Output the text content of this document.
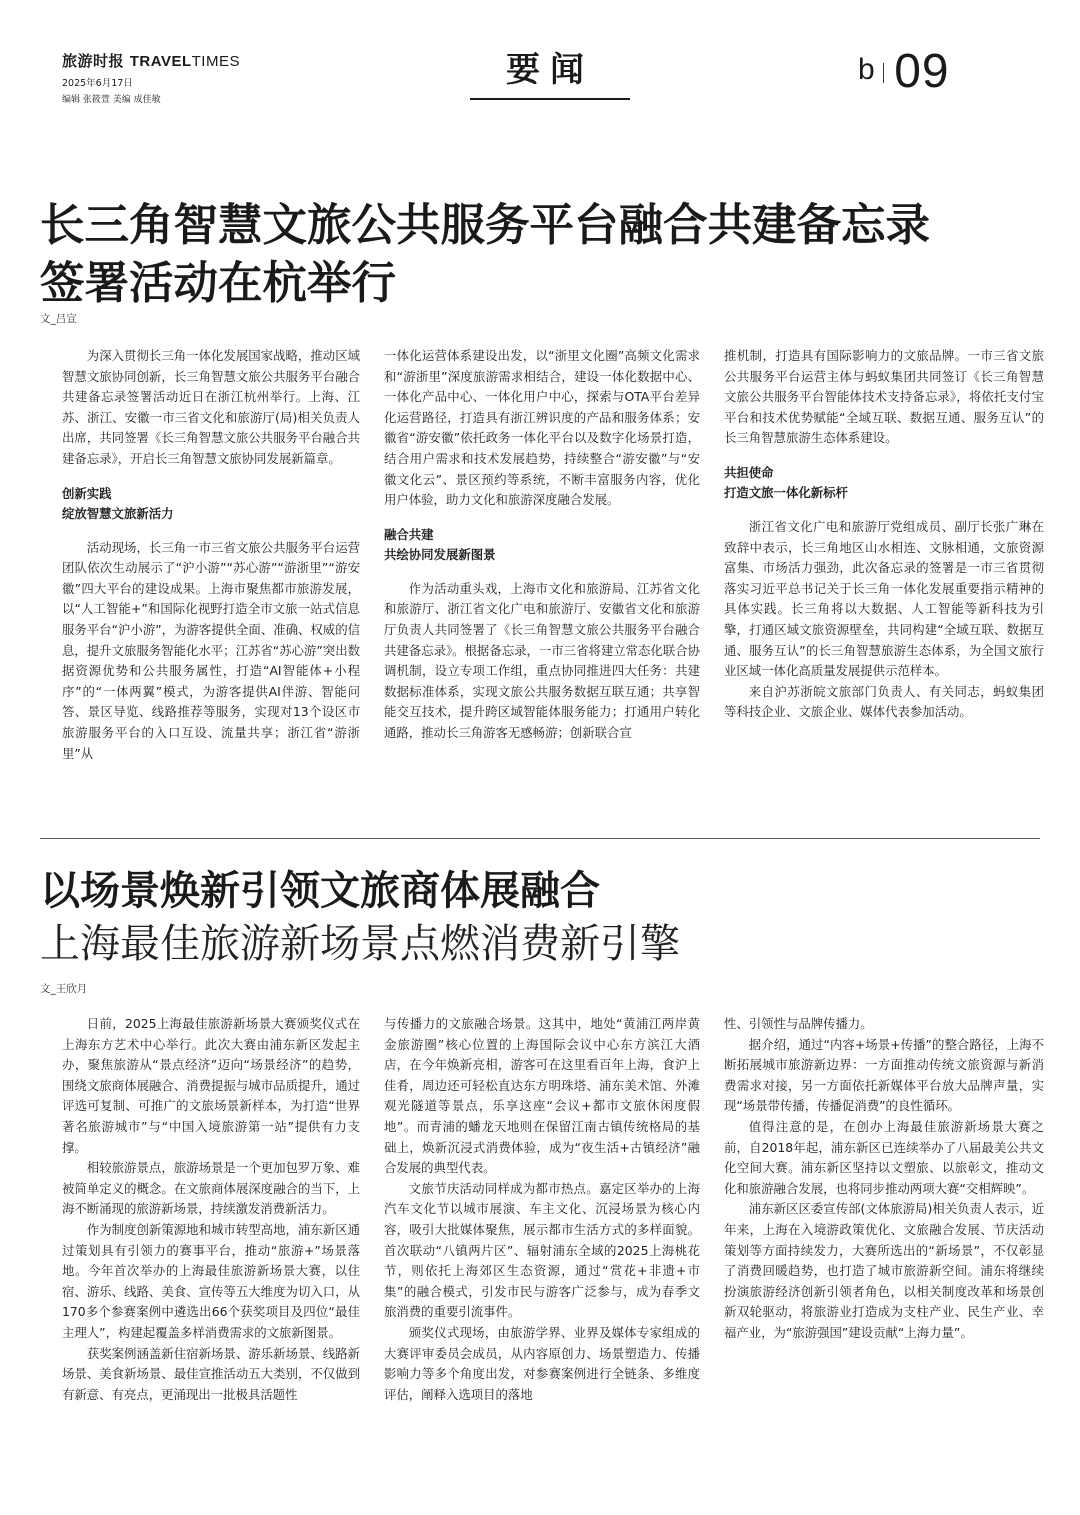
旅游时报 TRAVELTIMES
2025年6月17日
编辑 张筱萱 美编 成佳敏
要闻	b 09
长三角智慧文旅公共服务平台融合共建备忘录
签署活动在杭举行
文_吕宣

为深入贯彻长三角一体化发展国家战略，推动区域智慧文旅协同创新，长三角智慧文旅公共服务平台融合共建备忘录签署活动近日在浙江杭州举行。上海、江苏、浙江、安徽一市三省文化和旅游厅(局)相关负责人出席，共同签署《长三角智慧文旅公共服务平台融合共建备忘录》，开启长三角智慧文旅协同发展新篇章。

创新实践
绽放智慧文旅新活力

活动现场，长三角一市三省文旅公共服务平台运营团队依次生动展示了“沪小游”“苏心游”“游浙里”“游安徽”四大平台的建设成果。上海市聚焦都市旅游发展，以“人工智能+”和国际化视野打造全市文旅一站式信息服务平台“沪小游”，为游客提供全面、准确、权威的信息，提升文旅服务智能化水平；江苏省“苏心游”突出数据资源优势和公共服务属性，打造“AI智能体+小程序”的“一体两翼”模式，为游客提供AI伴游、智能问答、景区导览、线路推荐等服务，实现对13个设区市旅游服务平台的入口互设、流量共享；浙江省“游浙里”从

一体化运营体系建设出发，以“浙里文化圈”高频文化需求和“游浙里”深度旅游需求相结合，建设一体化数据中心、一体化产品中心、一体化用户中心，探索与OTA平台差异化运营路径，打造具有浙江辨识度的产品和服务体系；安徽省“游安徽”依托政务一体化平台以及数字化场景打造，结合用户需求和技术发展趋势，持续整合“游安徽”与“安徽文化云”、景区预约等系统，不断丰富服务内容，优化用户体验，助力文化和旅游深度融合发展。

融合共建
共绘协同发展新图景

作为活动重头戏，上海市文化和旅游局、江苏省文化和旅游厅、浙江省文化广电和旅游厅、安徽省文化和旅游厅负责人共同签署了《长三角智慧文旅公共服务平台融合共建备忘录》。根据备忘录，一市三省将建立常态化联合协调机制，设立专项工作组，重点协同推进四大任务：共建数据标准体系，实现文旅公共服务数据互联互通；共享智能交互技术，提升跨区域智能体服务能力；打通用户转化通路，推动长三角游客无感畅游；创新联合宣

推机制，打造具有国际影响力的文旅品牌。一市三省文旅公共服务平台运营主体与蚂蚁集团共同签订《长三角智慧文旅公共服务平台智能体技术支持备忘录》，将依托支付宝平台和技术优势赋能“全域互联、数据互通、服务互认”的长三角智慧旅游生态体系建设。

共担使命
打造文旅一体化新标杆

浙江省文化广电和旅游厅党组成员、副厅长张广琳在致辞中表示，长三角地区山水相连、文脉相通，文旅资源富集、市场活力强劲，此次备忘录的签署是一市三省贯彻落实习近平总书记关于长三角一体化发展重要指示精神的具体实践。长三角将以大数据、人工智能等新科技为引擎，打通区域文旅资源壁垒，共同构建“全域互联、数据互通、服务互认”的长三角智慧旅游生态体系，为全国文旅行业区域一体化高质量发展提供示范样本。

来自沪苏浙皖文旅部门负责人、有关同志，蚂蚁集团等科技企业、文旅企业、媒体代表参加活动。

以场景焕新引领文旅商体展融合
上海最佳旅游新场景点燃消费新引擎
文_王欣月

日前，2025上海最佳旅游新场景大赛颁奖仪式在上海东方艺术中心举行。此次大赛由浦东新区发起主办，聚焦旅游从“景点经济”迈向“场景经济”的趋势，围绕文旅商体展融合、消费提振与城市品质提升，通过评选可复制、可推广的文旅场景新样本，为打造“世界著名旅游城市”与“中国入境旅游第一站”提供有力支撑。

相较旅游景点，旅游场景是一个更加包罗万象、难被简单定义的概念。在文旅商体展深度融合的当下，上海不断涌现的旅游新场景，持续激发消费新活力。

作为制度创新策源地和城市转型高地，浦东新区通过策划具有引领力的赛事平台，推动“旅游+”场景落地。今年首次举办的上海最佳旅游新场景大赛，以住宿、游乐、线路、美食、宣传等五大维度为切入口，从170多个参赛案例中遴选出66个获奖项目及四位“最佳主理人”，构建起覆盖多样消费需求的文旅新图景。

获奖案例涵盖新住宿新场景、游乐新场景、线路新场景、美食新场景、最佳宣推活动五大类别，不仅做到有新意、有亮点，更涌现出一批极具活题性

与传播力的文旅融合场景。这其中，地处“黄浦江两岸黄金旅游圈”核心位置的上海国际会议中心东方滨江大酒店，在今年焕新亮相，游客可在这里看百年上海，食沪上佳肴，周边还可轻松直达东方明珠塔、浦东美术馆、外滩观光隧道等景点，乐享这座“会议+都市文旅休闲度假地”。而青浦的蟠龙天地则在保留江南古镇传统格局的基础上，焕新沉浸式消费体验，成为“夜生活+古镇经济”融合发展的典型代表。

文旅节庆活动同样成为都市热点。嘉定区举办的上海汽车文化节以城市展演、车主文化、沉浸场景为核心内容，吸引大批媒体聚焦，展示都市生活方式的多样面貌。首次联动“八镇两片区”、辐射浦东全域的2025上海桃花节，则依托上海郊区生态资源，通过“赏花+非遗+市集”的融合模式，引发市民与游客广泛参与，成为春季文旅消费的重要引流事件。

颁奖仪式现场，由旅游学界、业界及媒体专家组成的大赛评审委员会成员，从内容原创力、场景塑造力、传播影响力等多个角度出发，对参赛案例进行全链条、多维度评估，阐释入选项目的落地

性、引领性与品牌传播力。

据介绍，通过“内容+场景+传播”的整合路径，上海不断拓展城市旅游新边界：一方面推动传统文旅资源与新消费需求对接，另一方面依托新媒体平台放大品牌声量，实现“场景带传播，传播促消费”的良性循环。

值得注意的是，在创办上海最佳旅游新场景大赛之前，自2018年起，浦东新区已连续举办了八届最美公共文化空间大赛。浦东新区坚持以文塑旅、以旅彰文，推动文化和旅游融合发展，也将同步推动两项大赛“交相辉映”。

浦东新区区委宣传部(文体旅游局)相关负责人表示，近年来，上海在入境游政策优化、文旅融合发展、节庆活动策划等方面持续发力，大赛所选出的“新场景”，不仅彰显了消费回暖趋势，也打造了城市旅游新空间。浦东将继续扮演旅游经济创新引领者角色，以相关制度改革和场景创新双轮驱动，将旅游业打造成为支柱产业、民生产业、幸福产业，为“旅游强国”建设贡献“上海力量”。
